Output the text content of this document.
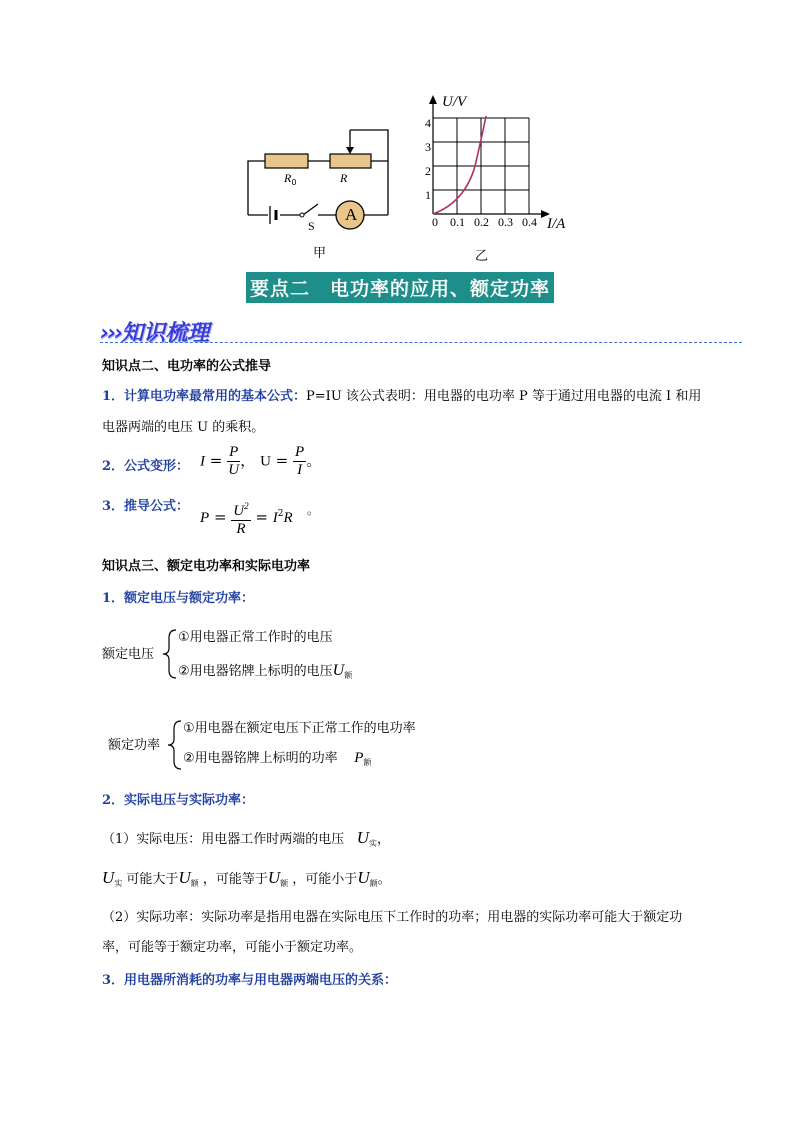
$R_0$	R
S
A
甲
U/V
4
3
2
1
0 0.1 0.2 0.3 0.4 I/A
乙
要点二　电功率的应用、额定功率
›››知识梳理
知识点二、电功率的公式推导
1．计算电功率最常用的基本公式：P=IU 该公式表明：用电器的电功率 P 等于通过用电器的电流 I 和用
电器两端的电压 U 的乘积。
2．公式变形： $I = \frac{P}{U}$ ， $U = \frac{P}{I}$ 。
3．推导公式：
$P = \frac{U^2}{R} = I^2R$ 。
知识点三、额定电功率和实际电功率
1．额定电压与额定功率：
额定电压
①用电器正常工作时的电压
②用电器铭牌上标明的电压$U_额$
额定功率
①用电器在额定电压下正常工作的电功率
②用电器铭牌上标明的功率 $P_额$
2．实际电压与实际功率：
（1）实际电压：用电器工作时两端的电压 $U_实$，
$U_实$ 可能大于$U_额$ ，可能等于$U_额$ ，可能小于$U_额$。
（2）实际功率：实际功率是指用电器在实际电压下工作时的功率；用电器的实际功率可能大于额定功
率，可能等于额定功率，可能小于额定功率。
3．用电器所消耗的功率与用电器两端电压的关系：
